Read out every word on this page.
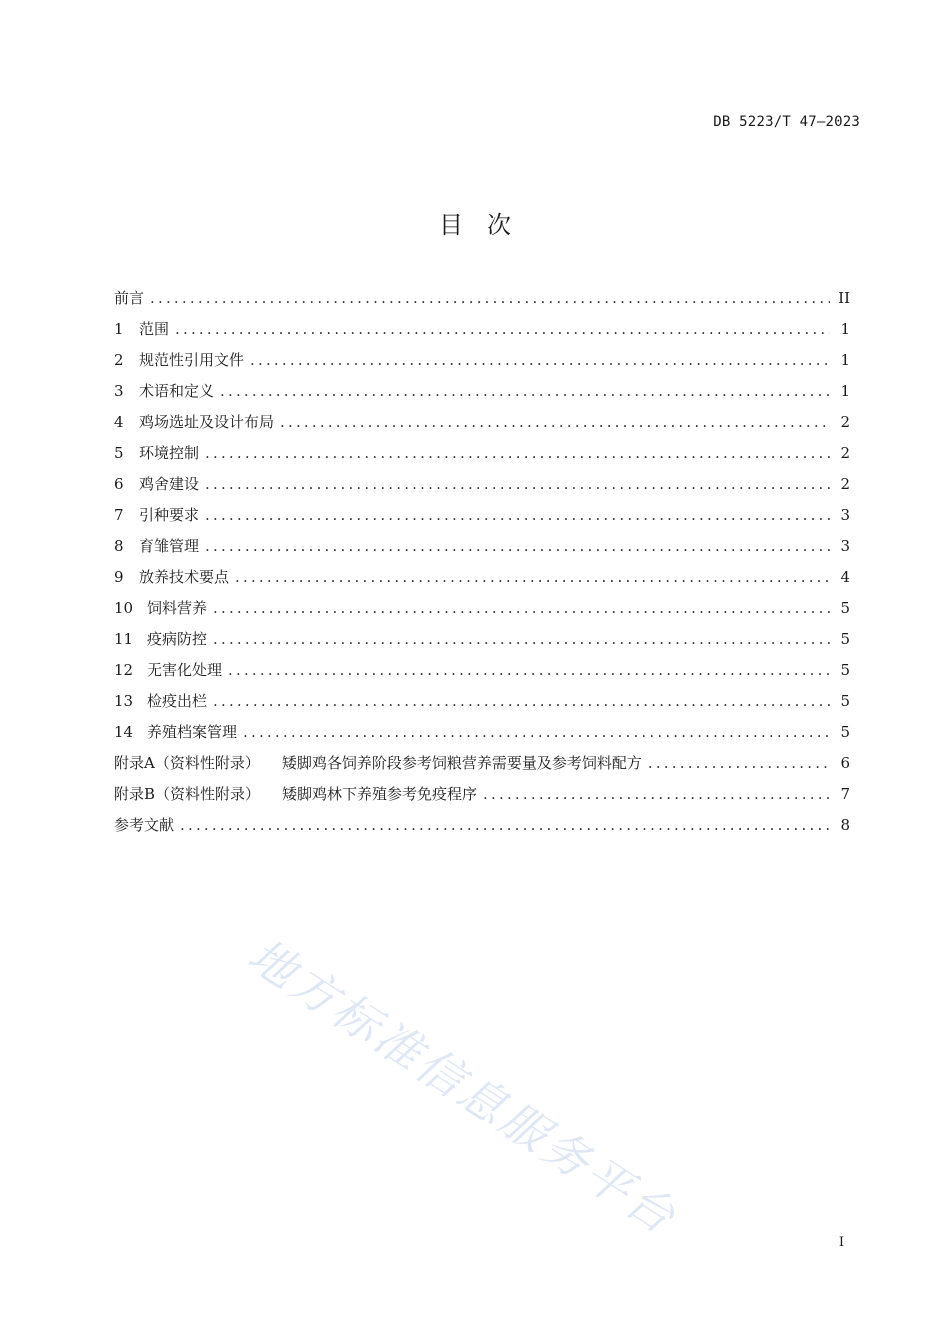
DB 5223/T 47—2023
目次
前言 .....	II
1	范围 .....	1
2	规范性引用文件 .....	1
3	术语和定义 .....	1
4	鸡场选址及设计布局 .....	2
5	环境控制 .....	2
6	鸡舍建设 .....	2
7	引种要求 .....	3
8	育雏管理 .....	3
9	放养技术要点 .....	4
10 饲料营养 .....	5
11 疫病防控 .....	5
12 无害化处理 .....	5
13 检疫出栏 .....	5
14 养殖档案管理 .....	5
附录A（资料性附录） 矮脚鸡各饲养阶段参考饲粮营养需要量及参考饲料配方 .....	6
附录B（资料性附录） 矮脚鸡林下养殖参考免疫程序 .....	7
参考文献 .....	8
地方标准信息服务平台	I
